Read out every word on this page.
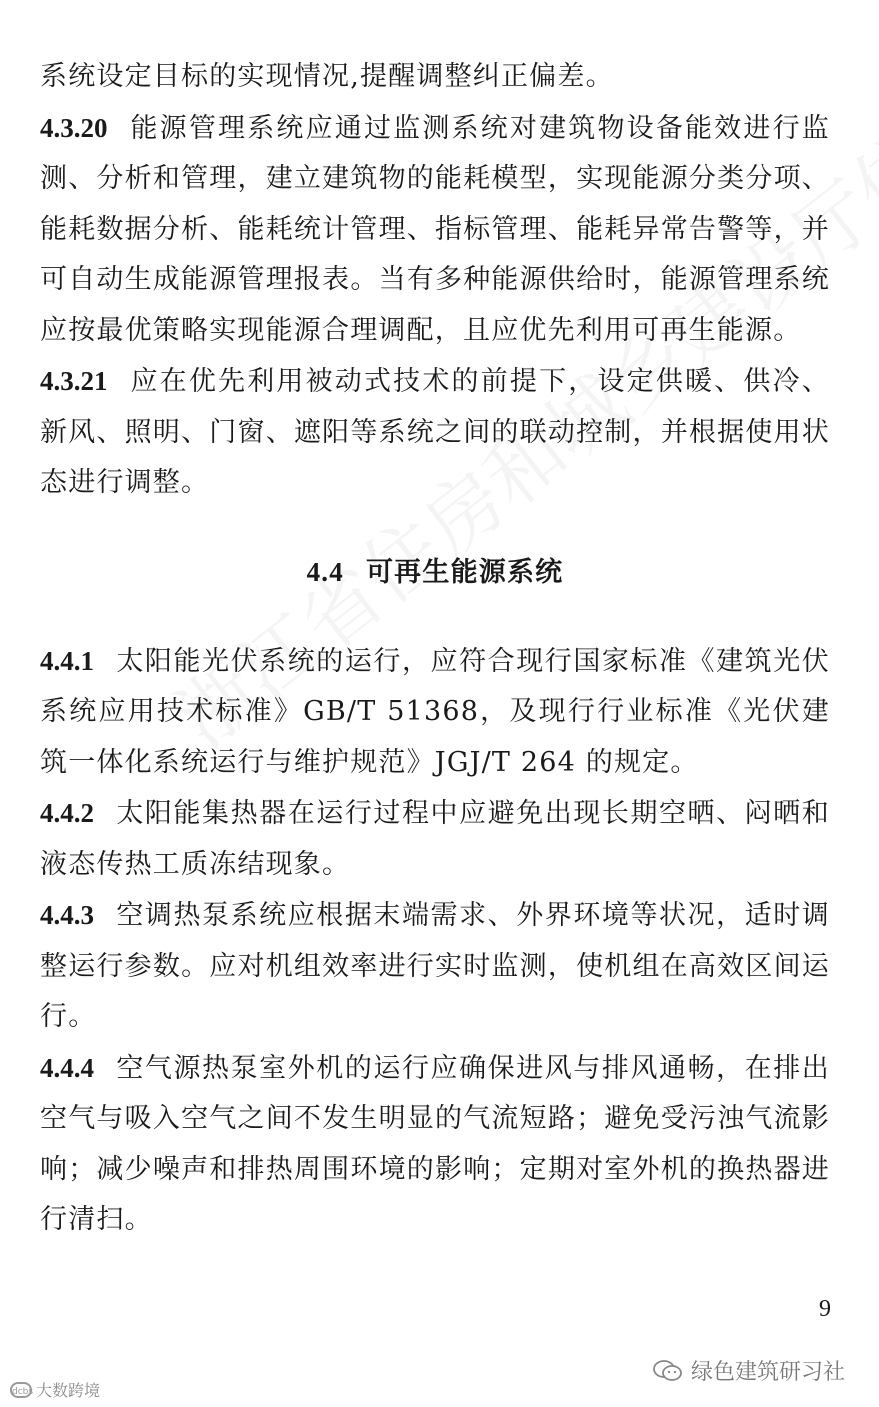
系统设定目标的实现情况,提醒调整纠正偏差。

4.3.20 能源管理系统应通过监测系统对建筑物设备能效进行监测、分析和管理，建立建筑物的能耗模型，实现能源分类分项、能耗数据分析、能耗统计管理、指标管理、能耗异常告警等，并可自动生成能源管理报表。当有多种能源供给时，能源管理系统应按最优策略实现能源合理调配，且应优先利用可再生能源。

4.3.21 应在优先利用被动式技术的前提下，设定供暖、供冷、新风、照明、门窗、遮阳等系统之间的联动控制，并根据使用状态进行调整。

4.4 可再生能源系统

4.4.1 太阳能光伏系统的运行，应符合现行国家标准《建筑光伏系统应用技术标准》GB/T 51368，及现行行业标准《光伏建筑一体化系统运行与维护规范》JGJ/T 264 的规定。

4.4.2 太阳能集热器在运行过程中应避免出现长期空晒、闷晒和液态传热工质冻结现象。

4.4.3 空调热泵系统应根据末端需求、外界环境等状况，适时调整运行参数。应对机组效率进行实时监测，使机组在高效区间运行。

4.4.4 空气源热泵室外机的运行应确保进风与排风通畅，在排出空气与吸入空气之间不发生明显的气流短路；避免受污浊气流影响；减少噪声和排热周围环境的影响；定期对室外机的换热器进行清扫。

9
dcbs 大数跨境
绿色建筑研习社
